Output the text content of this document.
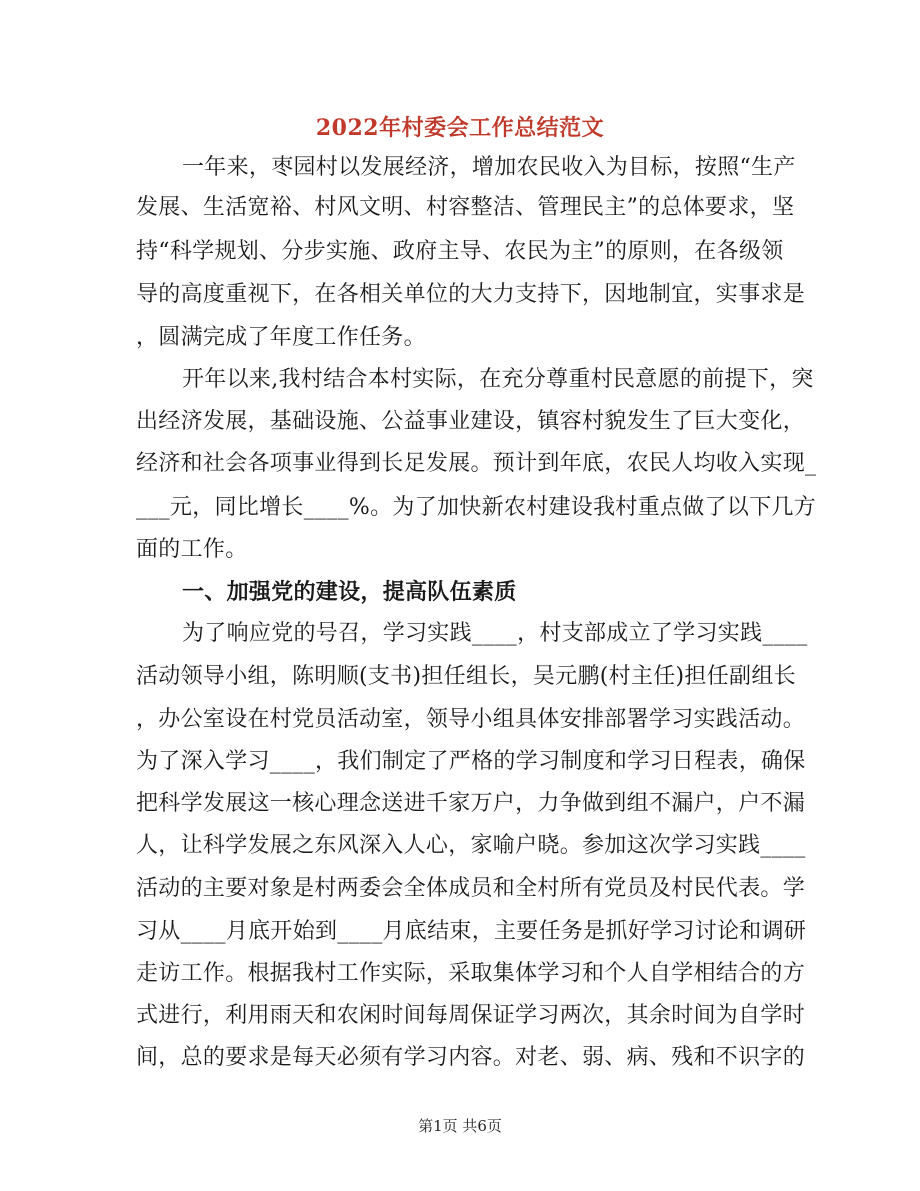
2022年村委会工作总结范文
一年来，枣园村以发展经济，增加农民收入为目标，按照“生产
发展、生活宽裕、村风文明、村容整洁、管理民主”的总体要求，坚
持“科学规划、分步实施、政府主导、农民为主”的原则，在各级领
导的高度重视下，在各相关单位的大力支持下，因地制宜，实事求是
，圆满完成了年度工作任务。
开年以来,我村结合本村实际，在充分尊重村民意愿的前提下，突
出经济发展，基础设施、公益事业建设，镇容村貌发生了巨大变化，
经济和社会各项事业得到长足发展。预计到年底，农民人均收入实现_
___元，同比增长____%。为了加快新农村建设我村重点做了以下几方
面的工作。
一、加强党的建设，提高队伍素质
为了响应党的号召，学习实践____，村支部成立了学习实践____
活动领导小组，陈明顺(支书)担任组长，吴元鹏(村主任)担任副组长
，办公室设在村党员活动室，领导小组具体安排部署学习实践活动。
为了深入学习____，我们制定了严格的学习制度和学习日程表，确保
把科学发展这一核心理念送进千家万户，力争做到组不漏户，户不漏
人，让科学发展之东风深入人心，家喻户晓。参加这次学习实践____
活动的主要对象是村两委会全体成员和全村所有党员及村民代表。学
习从____月底开始到____月底结束，主要任务是抓好学习讨论和调研
走访工作。根据我村工作实际，采取集体学习和个人自学相结合的方
式进行，利用雨天和农闲时间每周保证学习两次，其余时间为自学时
间，总的要求是每天必须有学习内容。对老、弱、病、残和不识字的
第1页 共6页
